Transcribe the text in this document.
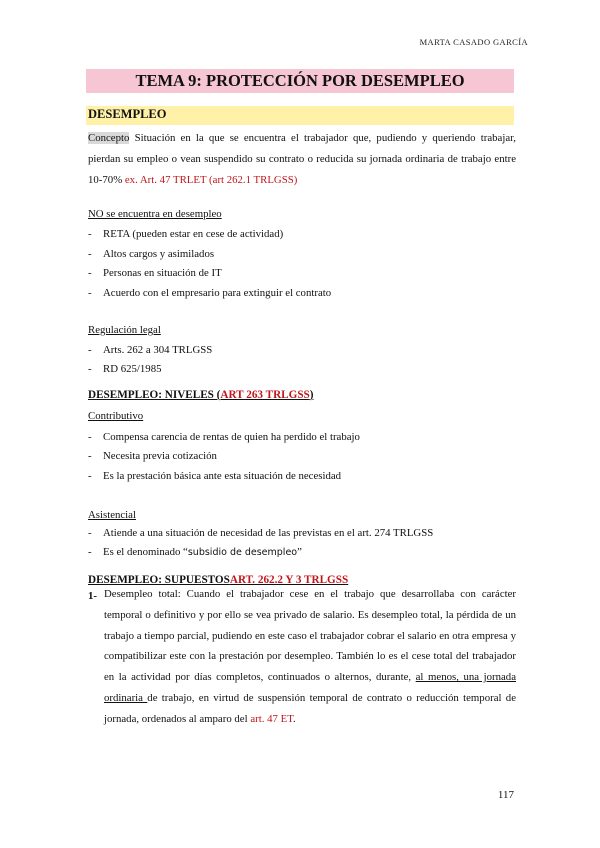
MARTA CASADO GARCÍA
TEMA 9: PROTECCIÓN POR DESEMPLEO
DESEMPLEO
Concepto Situación en la que se encuentra el trabajador que, pudiendo y queriendo trabajar, pierdan su empleo o vean suspendido su contrato o reducida su jornada ordinaria de trabajo entre 10-70% ex. Art. 47 TRLET (art 262.1 TRLGSS)
NO se encuentra en desempleo
- RETA (pueden estar en cese de actividad)
- Altos cargos y asimilados
- Personas en situación de IT
- Acuerdo con el empresario para extinguir el contrato
Regulación legal
- Arts. 262 a 304 TRLGSS
- RD 625/1985
DESEMPLEO: NIVELES (ART 263 TRLGSS)
Contributivo
- Compensa carencia de rentas de quien ha perdido el trabajo
- Necesita previa cotización
- Es la prestación básica ante esta situación de necesidad
Asistencial
- Atiende a una situación de necesidad de las previstas en el art. 274 TRLGSS
- Es el denominado “subsidio de desempleo”
DESEMPLEO: SUPUESTOSART. 262.2 Y 3 TRLGSS
1- Desempleo total: Cuando el trabajador cese en el trabajo que desarrollaba con carácter temporal o definitivo y por ello se vea privado de salario. Es desempleo total, la pérdida de un trabajo a tiempo parcial, pudiendo en este caso el trabajador cobrar el salario en otra empresa y compatibilizar este con la prestación por desempleo. También lo es el cese total del trabajador en la actividad por días completos, continuados o alternos, durante, al menos, una jornada ordinaria de trabajo, en virtud de suspensión temporal de contrato o reducción temporal de jornada, ordenados al amparo del art. 47 ET.
117
